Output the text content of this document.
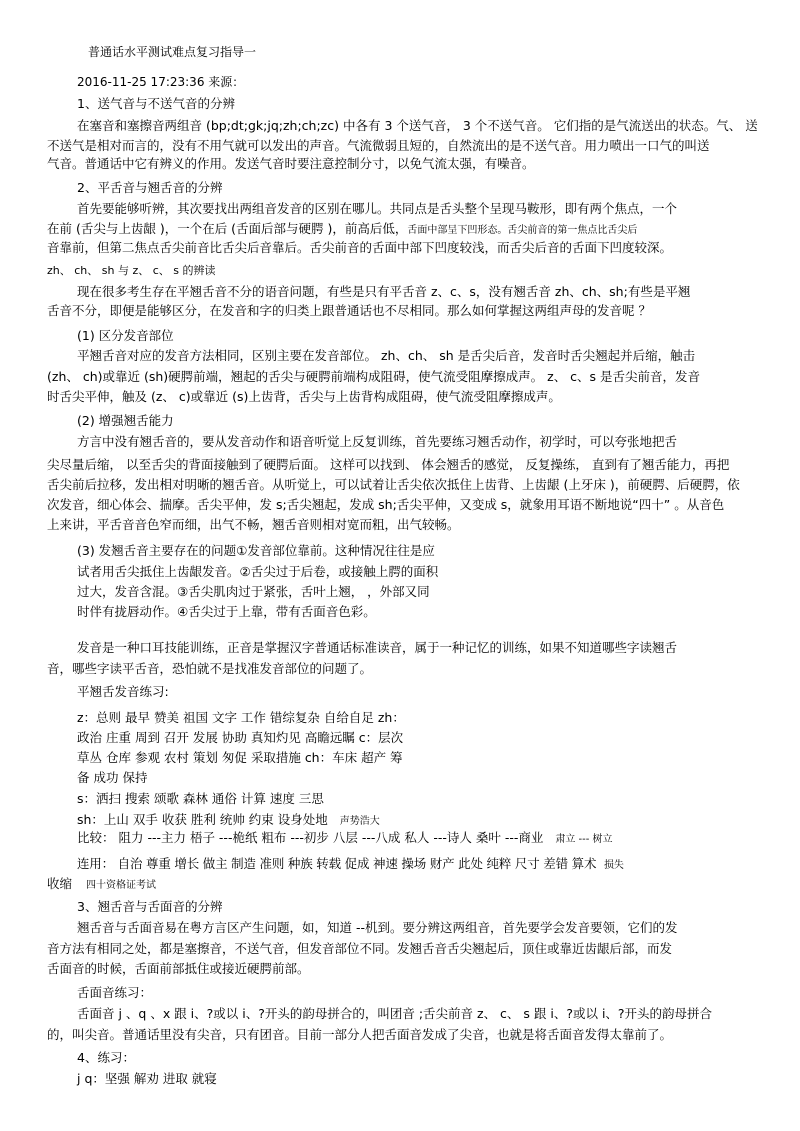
普通话水平测试难点复习指导一
2016-11-25 17:23:36 来源：
1、送气音与不送气音的分辨
在塞音和塞擦音两组音 (bp;dt;gk;jq;zh;ch;zc) 中各有 3 个送气音， 3 个不送气音。 它们指的是气流送出的状态。气、 送
不送气是相对而言的，没有不用气就可以发出的声音。气流微弱且短的，自然流出的是不送气音。用力喷出一口气的叫送
气音。普通话中它有辨义的作用。发送气音时要注意控制分寸，以免气流太强，有噪音。
2、平舌音与翘舌音的分辨
首先要能够听辨，其次要找出两组音发音的区别在哪儿。共同点是舌头整个呈现马鞍形，即有两个焦点，一个
在前 (舌尖与上齿龈 )，一个在后 (舌面后部与硬腭 )，前高后低，舌面中部呈下凹形态。舌尖前音的第一焦点比舌尖后
音靠前，但第二焦点舌尖前音比舌尖后音靠后。舌尖前音的舌面中部下凹度较浅，而舌尖后音的舌面下凹度较深。
zh、 ch、 sh 与 z、 c、 s 的辨读
现在很多考生存在平翘舌音不分的语音问题，有些是只有平舌音 z、c、s，没有翘舌音 zh、ch、sh;有些是平翘
舌音不分，即便是能够区分，在发音和字的归类上跟普通话也不尽相同。那么如何掌握这两组声母的发音呢 ？
(1) 区分发音部位
平翘舌音对应的发音方法相同，区别主要在发音部位。 zh、ch、 sh 是舌尖后音，发音时舌尖翘起并后缩，触击
(zh、 ch)或靠近 (sh)硬腭前端，翘起的舌尖与硬腭前端构成阻碍，使气流受阻摩擦成声。 z、 c、s 是舌尖前音，发音
时舌尖平伸，触及 (z、 c)或靠近 (s)上齿背，舌尖与上齿背构成阻碍，使气流受阻摩擦成声。
(2) 增强翘舌能力
方言中没有翘舌音的，要从发音动作和语音听觉上反复训练，首先要练习翘舌动作，初学时，可以夸张地把舌
尖尽量后缩， 以至舌尖的背面接触到了硬腭后面。 这样可以找到、 体会翘舌的感觉， 反复操练， 直到有了翘舌能力，再把
舌尖前后拉移，发出相对明晰的翘舌音。从听觉上，可以试着让舌尖依次抵住上齿背、上齿龈 (上牙床 )，前硬腭、后硬腭，依
次发音，细心体会、揣摩。舌尖平伸，发 s;舌尖翘起，发成 sh;舌尖平伸，又变成 s，就象用耳语不断地说“四十” 。从音色
上来讲，平舌音音色窄而细，出气不畅，翘舌音则相对宽而粗，出气较畅。
(3) 发翘舌音主要存在的问题①发音部位靠前。这种情况往往是应
试者用舌尖抵住上齿龈发音。②舌尖过于后卷，或接触上腭的面积
过大，发音含混。③舌尖肌肉过于紧张，舌叶上翘， ，外部又同
时伴有拢唇动作。④舌尖过于上靠，带有舌面音色彩。
发音是一种口耳技能训练，正音是掌握汉字普通话标准读音，属于一种记忆的训练，如果不知道哪些字读翘舌
音，哪些字读平舌音，恐怕就不是找准发音部位的问题了。
平翘舌发音练习:
z：总则 最早 赞美 祖国 文字 工作 错综复杂 自给自足 zh：
政治 庄重 周到 召开 发展 协助 真知灼见 高瞻远瞩 c：层次
草丛 仓库 参观 农村 策划 匆促 采取措施 ch：车床 超产 筹
备 成功 保持
s：洒扫 搜索 颂歌 森林 通俗 计算 速度 三思
sh：上山 双手 收获 胜利 统帅 约束 设身处地 声势浩大
比较： 阻力 ---主力 梧子 ---桅纸 粗布 ---初步 八层 ---八成 私人 ---诗人 桑叶 ---商业 肃立 --- 树立
连用： 自治 尊重 增长 做主 制造 准则 种族 转载 促成 神速 操场 财产 此处 纯粹 尺寸 差错 算术 损失
收缩 四十资格证考试
3、翘舌音与舌面音的分辨
翘舌音与舌面音易在粤方言区产生问题，如，知道 --机到。要分辨这两组音，首先要学会发音要领，它们的发
音方法有相同之处，都是塞擦音，不送气音，但发音部位不同。发翘舌音舌尖翘起后，顶住或靠近齿龈后部，而发
舌面音的时候，舌面前部抵住或接近硬腭前部。
舌面音练习：
舌面音 j 、q 、x 跟 i、?或以 i、?开头的韵母拼合的，叫团音 ;舌尖前音 z、 c、 s 跟 i、?或以 i、?开头的韵母拼合
的，叫尖音。普通话里没有尖音，只有团音。目前一部分人把舌面音发成了尖音，也就是将舌面音发得太靠前了。
4、练习：
j q：坚强 解劝 进取 就寝
